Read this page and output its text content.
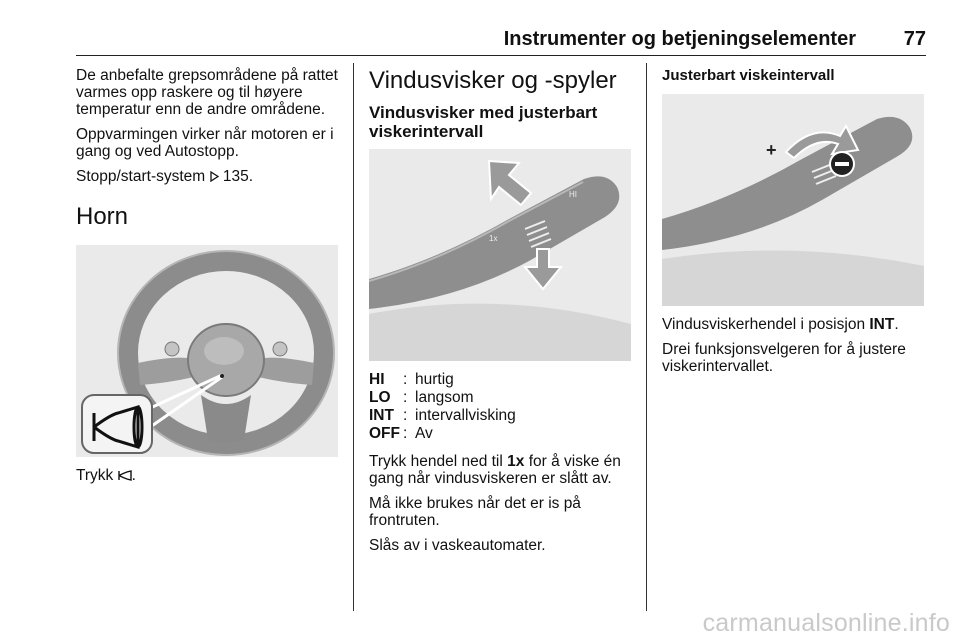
Instrumenter og betjeningselementer 77

De anbefalte grepsområdene på rattet varmes opp raskere og til høyere temperatur enn de andre områdene.

Oppvarmingen virker når motoren er i gang og ved Autostopp.

Stopp/start-system 135.

Horn

Trykk .

Vindusvisker og -spyler
Vindusvisker med justerbart viskerintervall
1x
HI
HI	: hurtig
LO : langsom
INT : intervallvisking
OFF : Av

Trykk hendel ned til 1x for å viske én gang når vindusviskeren er slått av.

Må ikke brukes når det er is på frontruten.

Slås av i vaskeautomater.

Justerbart viskeintervall
+

Vindusviskerhendel i posisjon INT.

Drei funksjonsvelgeren for å justere viskerintervallet.

carmanualsonline.info
